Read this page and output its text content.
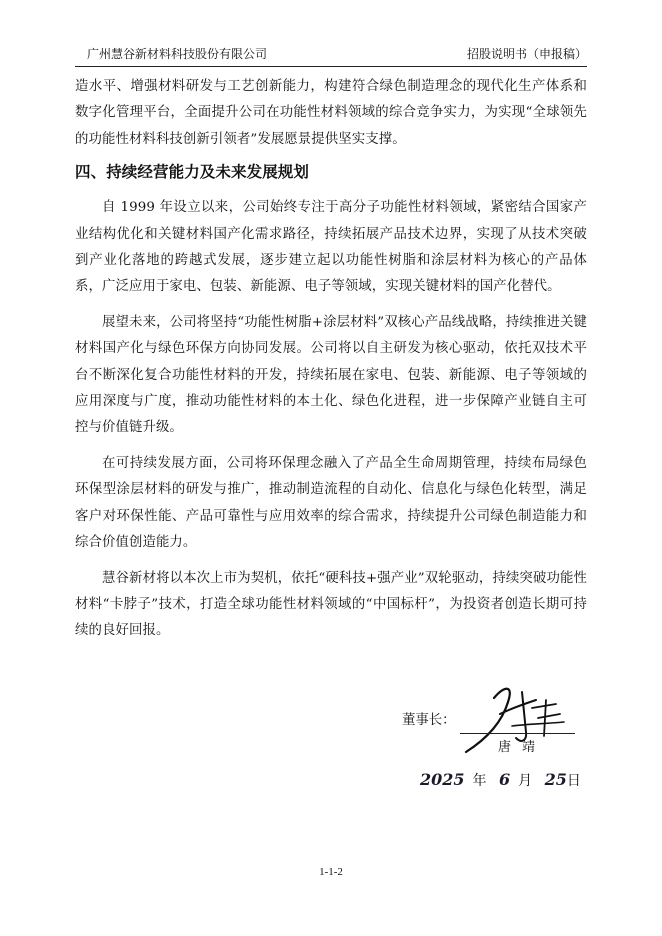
广州慧谷新材料科技股份有限公司	招股说明书（申报稿）

造水平、增强材料研发与工艺创新能力，构建符合绿色制造理念的现代化生产体系和数字化管理平台，全面提升公司在功能性材料领域的综合竞争实力，为实现“全球领先的功能性材料科技创新引领者”发展愿景提供坚实支撑。

四、持续经营能力及未来发展规划

自 1999 年设立以来，公司始终专注于高分子功能性材料领域，紧密结合国家产业结构优化和关键材料国产化需求路径，持续拓展产品技术边界，实现了从技术突破到产业化落地的跨越式发展，逐步建立起以功能性树脂和涂层材料为核心的产品体系，广泛应用于家电、包装、新能源、电子等领域，实现关键材料的国产化替代。

展望未来，公司将坚持“功能性树脂+涂层材料”双核心产品线战略，持续推进关键材料国产化与绿色环保方向协同发展。公司将以自主研发为核心驱动，依托双技术平台不断深化复合功能性材料的开发，持续拓展在家电、包装、新能源、电子等领域的应用深度与广度，推动功能性材料的本土化、绿色化进程，进一步保障产业链自主可控与价值链升级。

在可持续发展方面，公司将环保理念融入了产品全生命周期管理，持续布局绿色环保型涂层材料的研发与推广，推动制造流程的自动化、信息化与绿色化转型，满足客户对环保性能、产品可靠性与应用效率的综合需求，持续提升公司绿色制造能力和综合价值创造能力。

慧谷新材将以本次上市为契机，依托“硬科技+强产业”双轮驱动，持续突破功能性材料“卡脖子”技术，打造全球功能性材料领域的“中国标杆”，为投资者创造长期可持续的良好回报。

董事长：
唐靖
2025 年 6 月 25日
1-1-2
